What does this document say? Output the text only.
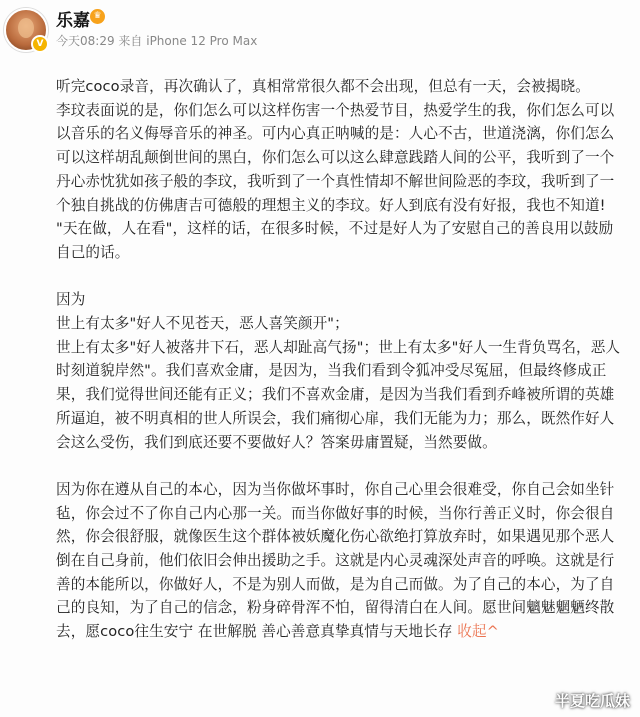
V
乐嘉 ♛
今天08:29 来自 iPhone 12 Pro Max
听完coco录音，再次确认了，真相常常很久都不会出现，但总有一天，会被揭晓。
李玟表面说的是，你们怎么可以这样伤害一个热爱节目，热爱学生的我，你们怎么可以
以音乐的名义侮辱音乐的神圣。可内心真正呐喊的是：人心不古，世道浇漓，你们怎么
可以这样胡乱颠倒世间的黑白，你们怎么可以这么肆意践踏人间的公平，我听到了一个
丹心赤忱犹如孩子般的李玟，我听到了一个真性情却不解世间险恶的李玟，我听到了一
个独自挑战的仿佛唐吉可德般的理想主义的李玟。好人到底有没有好报，我也不知道!
"天在做，人在看"，这样的话，在很多时候，不过是好人为了安慰自己的善良用以鼓励
自己的话。
因为
世上有太多"好人不见苍天，恶人喜笑颜开"；
世上有太多"好人被落井下石，恶人却趾高气扬"；世上有太多"好人一生背负骂名，恶人
时刻道貌岸然"。我们喜欢金庸，是因为，当我们看到令狐冲受尽冤屈，但最终修成正
果，我们觉得世间还能有正义；我们不喜欢金庸，是因为当我们看到乔峰被所谓的英雄
所逼迫，被不明真相的世人所误会，我们痛彻心扉，我们无能为力；那么，既然作好人
会这么受伤，我们到底还要不要做好人？答案毋庸置疑，当然要做。
因为你在遵从自己的本心，因为当你做坏事时，你自己心里会很难受，你自己会如坐针
毡，你会过不了你自己内心那一关。而当你做好事的时候，当你行善正义时，你会很自
然，你会很舒服，就像医生这个群体被妖魔化伤心欲绝打算放弃时，如果遇见那个恶人
倒在自己身前，他们依旧会伸出援助之手。这就是内心灵魂深处声音的呼唤。这就是行
善的本能所以，你做好人，不是为别人而做，是为自己而做。为了自己的本心，为了自
己的良知，为了自己的信念，粉身碎骨浑不怕，留得清白在人间。愿世间魑魅魍魉终散
去，愿coco往生安宁 在世解脱 善心善意真挚真情与天地长存 收起^
半夏吃瓜妹
